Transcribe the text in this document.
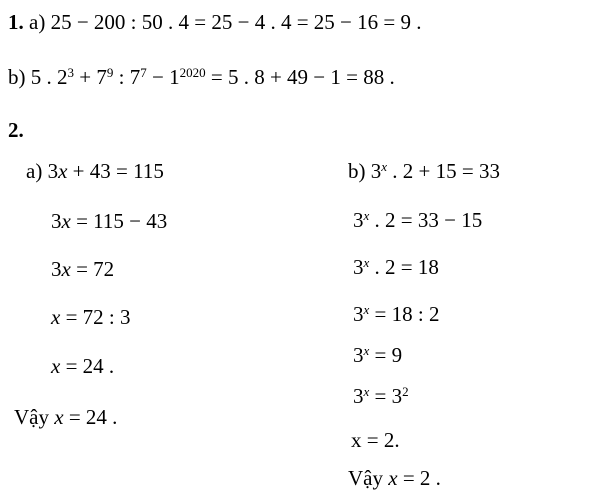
1. a) 25 − 200 : 50 . 4 = 25 − 4 . 4 = 25 − 16 = 9 .
b) 5 . $2^3 + 7^9$ : $7^7 - 1^{2020} = 5$ . 8 + 49 − 1 = 88 .
2.
a) 3x + 43 = 115
3x = 115 − 43
3x = 72
x = 72 : 3
x = 24 .
Vậy x = 24 .
b) 3$^x$ . 2 + 15 = 33
3$^x$ . 2 = 33 − 15
3$^x$ . 2 = 18
$3^x = 18$ : 2
$3^x = 9$
$3^x = 3^2$
x = 2.
Vậy x = 2 .
